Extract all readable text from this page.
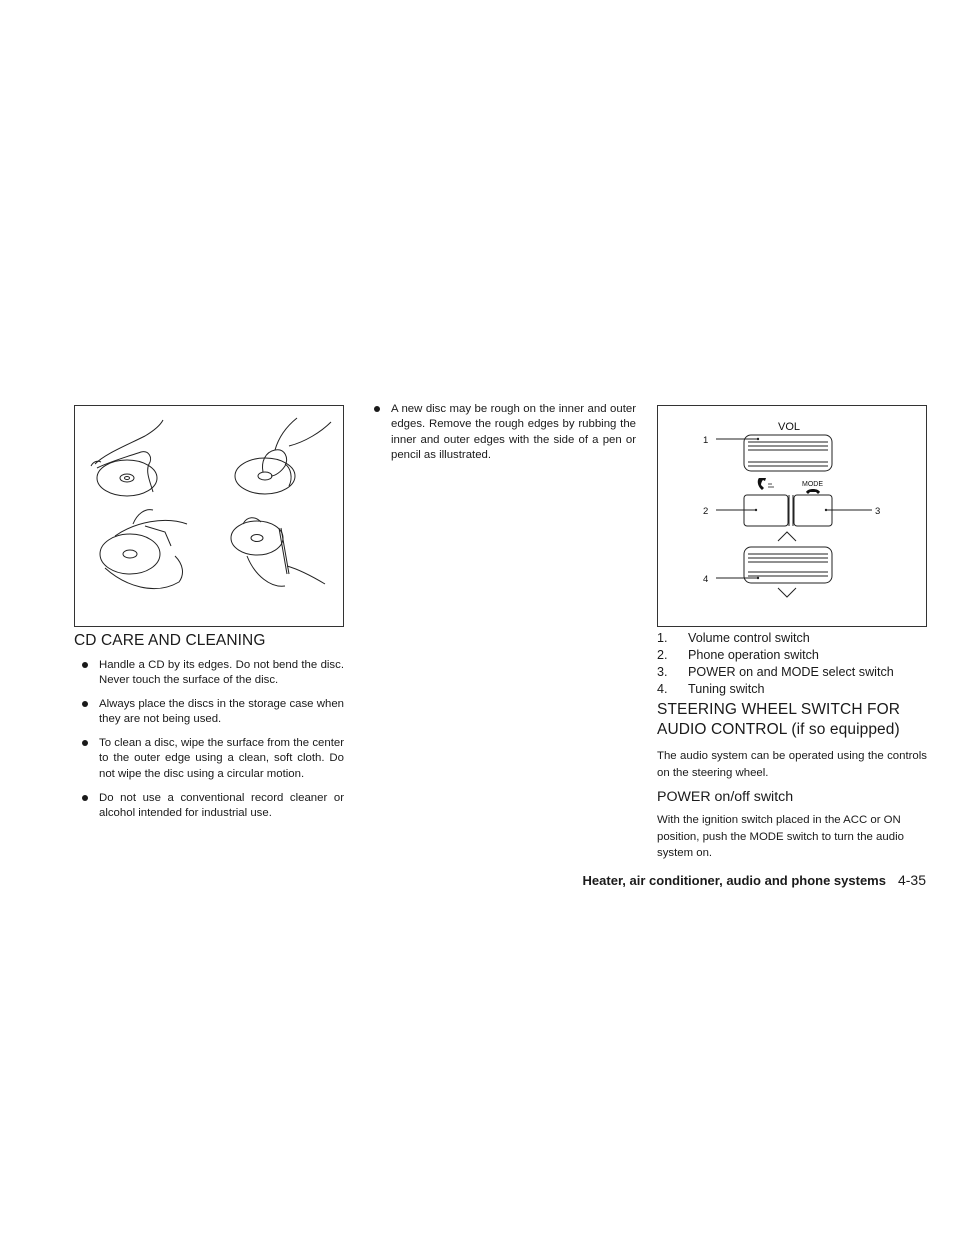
CD CARE AND CLEANING
Handle a CD by its edges. Do not bend the disc. Never touch the surface of the disc.
Always place the discs in the storage case when they are not being used.
To clean a disc, wipe the surface from the center to the outer edge using a clean, soft cloth. Do not wipe the disc using a circular motion.
Do not use a conventional record cleaner or alcohol intended for industrial use.
A new disc may be rough on the inner and outer edges. Remove the rough edges by rubbing the inner and outer edges with the side of a pen or pencil as illustrated.
VOL
MODE
1
2	3
4
1. Volume control switch
2. Phone operation switch
3. POWER on and MODE select switch
4. Tuning switch
STEERING WHEEL SWITCH FOR
AUDIO CONTROL (if so equipped)

The audio system can be operated using the controls on the steering wheel.

POWER on/off switch

With the ignition switch placed in the ACC or ON position, push the MODE switch to turn the audio system on.

Heater, air conditioner, audio and phone systems 4-35
